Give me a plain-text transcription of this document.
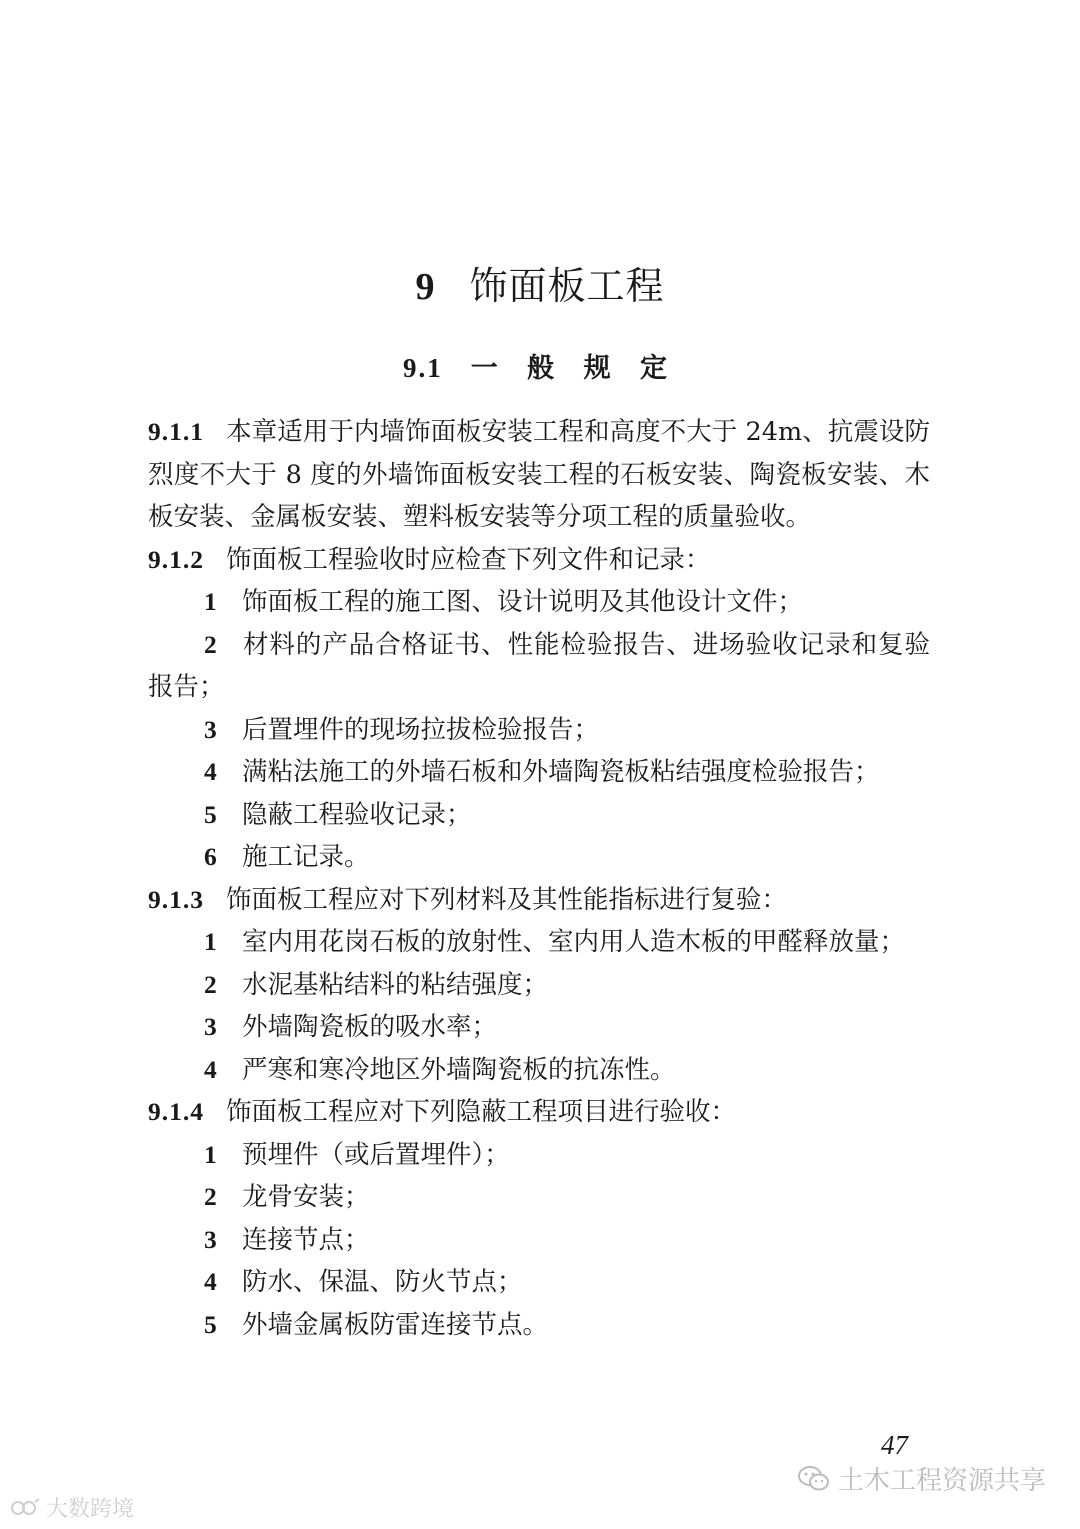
9 饰面板工程
9.1 一 般 规 定

9.1.1 本章适用于内墙饰面板安装工程和高度不大于 24m、抗震设防烈度不大于 8 度的外墙饰面板安装工程的石板安装、陶瓷板安装、木板安装、金属板安装、塑料板安装等分项工程的质量验收。

9.1.2 饰面板工程验收时应检查下列文件和记录：

1 饰面板工程的施工图、设计说明及其他设计文件；

2 材料的产品合格证书、性能检验报告、进场验收记录和复验报告；

3 后置埋件的现场拉拔检验报告；

4 满粘法施工的外墙石板和外墙陶瓷板粘结强度检验报告；

5 隐蔽工程验收记录；

6 施工记录。

9.1.3 饰面板工程应对下列材料及其性能指标进行复验：

1 室内用花岗石板的放射性、室内用人造木板的甲醛释放量；

2 水泥基粘结料的粘结强度；

3 外墙陶瓷板的吸水率；

4 严寒和寒冷地区外墙陶瓷板的抗冻性。

9.1.4 饰面板工程应对下列隐蔽工程项目进行验收：

1 预埋件（或后置埋件）；

2 龙骨安装；

3 连接节点；

4 防水、保温、防火节点；

5 外墙金属板防雷连接节点。

47
土木工程资源共享
大数跨境
